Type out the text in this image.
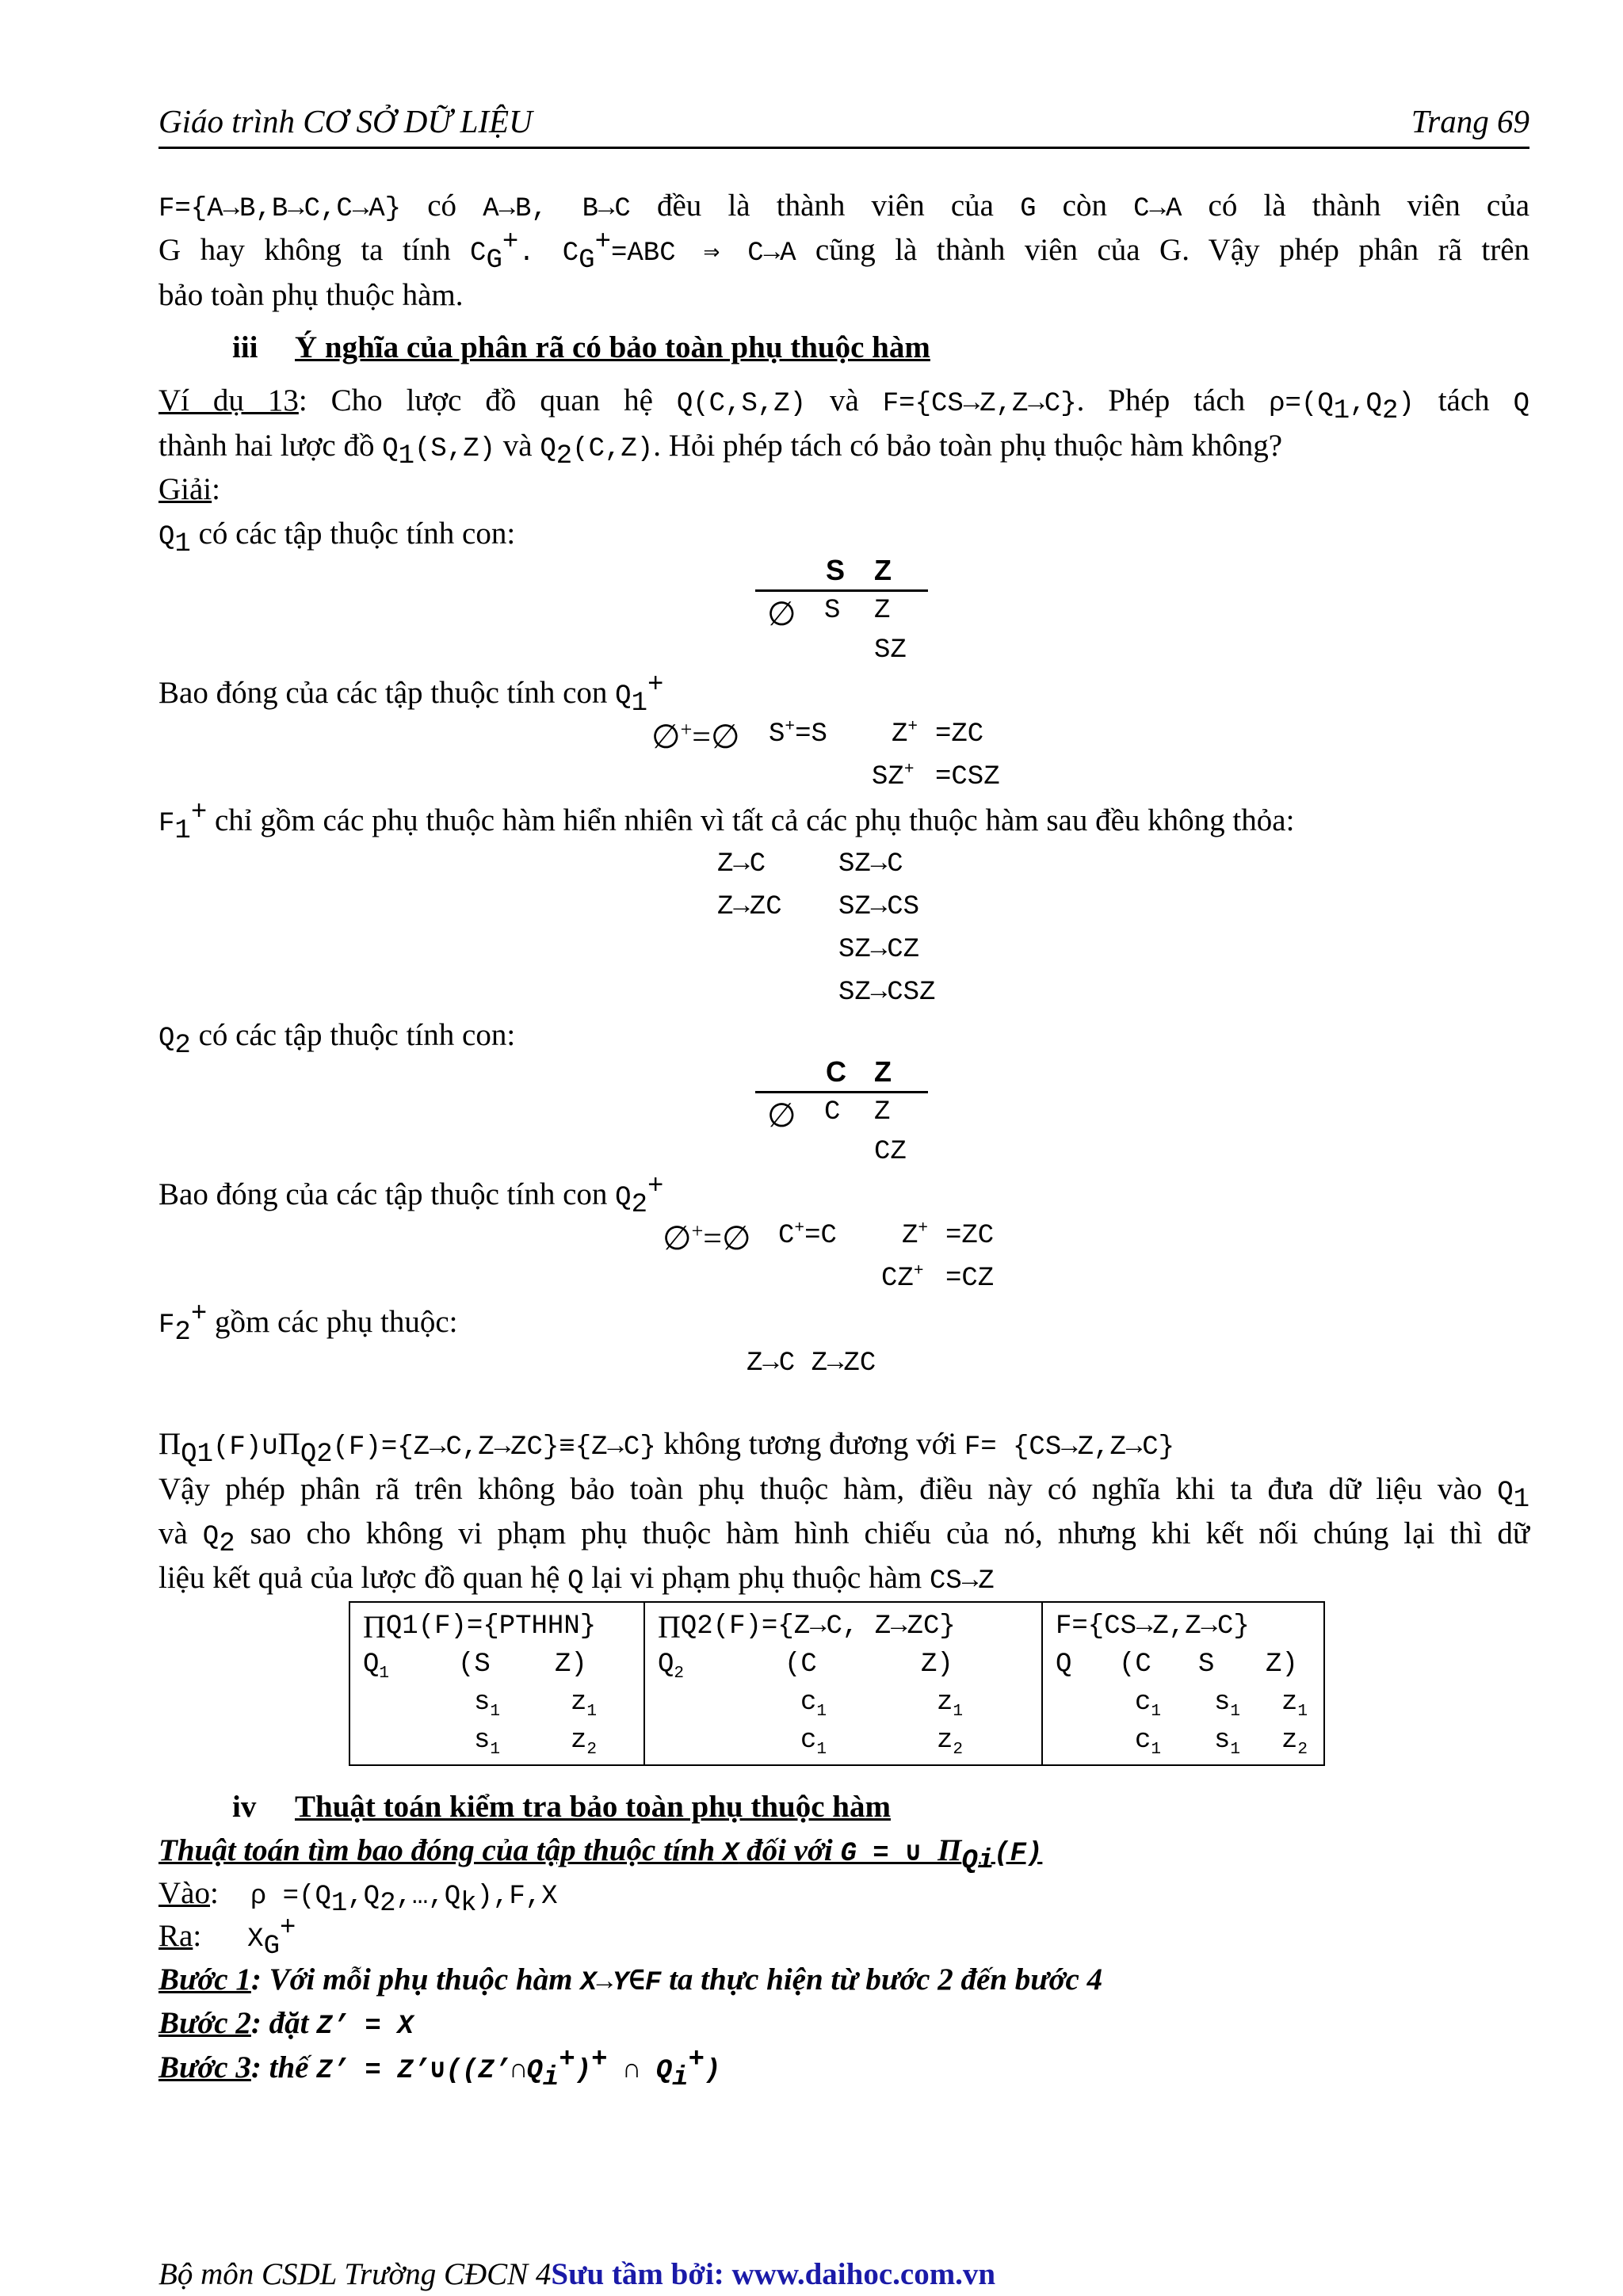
Giáo trình CƠ SỞ DỮ LIỆU	Trang 69
F={A→B,B→C,C→A} có A→B, B→C đều là thành viên của G còn C→A có là thành viên của
G hay không ta tính $C_G^+$. $C_G^+=ABC$ ⇒ C→A cũng là thành viên của G. Vậy phép phân rã trên
bảo toàn phụ thuộc hàm.
iii Ý nghĩa của phân rã có bảo toàn phụ thuộc hàm
Ví dụ 13: Cho lược đồ quan hệ Q(C,S,Z) và F={CS→Z,Z→C}. Phép tách $\rho=(Q_1,Q_2)$ tách Q
thành hai lược đồ $Q_1(S,Z)$ và $Q_2(C,Z)$. Hỏi phép tách có bảo toàn phụ thuộc hàm không?
Giải:
$Q_1$ có các tập thuộc tính con:
S Z
∅ S Z
SZ
Bao đóng của các tập thuộc tính con $Q_1^+$
∅+=∅ S+=S Z+ =ZC
SZ+ =CSZ
$F_1^+$ chỉ gồm các phụ thuộc hàm hiển nhiên vì tất cả các phụ thuộc hàm sau đều không thỏa:
Z→C
Z→ZC
SZ→C
SZ→CS
SZ→CZ
SZ→CSZ
$Q_2$ có các tập thuộc tính con:
C Z
∅ C Z
CZ
Bao đóng của các tập thuộc tính con $Q_2^+$
∅+=∅ C+=C Z+ =ZC
CZ+ =CZ
$F_2^+$ gồm các phụ thuộc:
Z→C Z→ZC
$\Pi_{Q1}(F)\cup\Pi_{Q2}(F)=\{Z\to C,Z\to ZC\}\equiv\{Z\to C\}$ không tương đương với F= {CS→Z,Z→C}
Vậy phép phân rã trên không bảo toàn phụ thuộc hàm, điều này có nghĩa khi ta đưa dữ liệu vào $Q_1$
và $Q_2$ sao cho không vi phạm phụ thuộc hàm hình chiếu của nó, nhưng khi kết nối chúng lại thì dữ
liệu kết quả của lược đồ quan hệ Q lại vi phạm phụ thuộc hàm CS→Z
Π Q1 (F)={PTHHN}
$Q_1$	(S	Z)
$s_1$	$z_1$
$s_1$	$z_2$

Π Q2 (F)={Z→C, Z→ZC}
$Q_2$	(C	Z)
$c_1$	$z_1$
$c_1$	$z_2$

F={CS→Z,Z→C}
Q	(C	S	Z)
$c_1$	$s_1$	$z_1$
$c_1$	$s_1$	$z_2$
iv Thuật toán kiểm tra bảo toàn phụ thuộc hàm
Thuật toán tìm bao đóng của tập thuộc tính X đối với G = ∪ $\Pi_{Qi}(F)$
Vào: $\rho =(Q_1,Q_2,\dots,Q_k),F,X$
Ra: $X_G^+$
Bước 1: Với mỗi phụ thuộc hàm X→Y∈F ta thực hiện từ bước 2 đến bước 4
Bước 2: đặt Z’ = X
Bước 3: thế Z’ = $Z’\cup((Z’\cap Q_i^+)^+$ ∩ $Q_i^+$)
Bộ môn CSDL Trường CĐCN 4Sưu tầm bởi: www.daihoc.com.vn
